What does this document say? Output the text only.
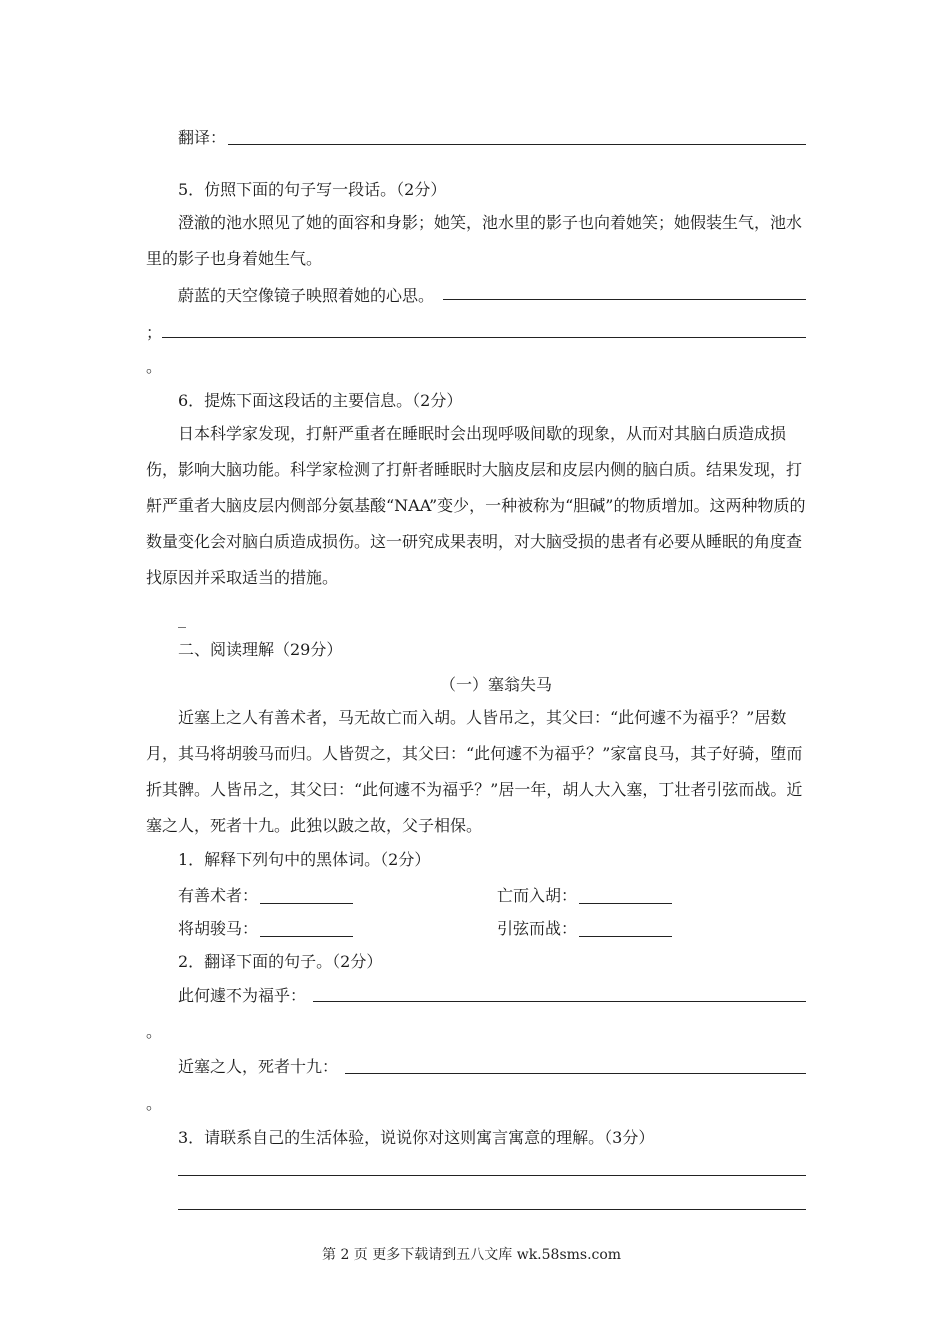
翻译：
5．仿照下面的句子写一段话。（2分）
澄澈的池水照见了她的面容和身影；她笑，池水里的影子也向着她笑；她假装生气，池水里的影子也身着她生气。
蔚蓝的天空像镜子映照着她的心思。
；
。
6．提炼下面这段话的主要信息。（2分）
日本科学家发现，打鼾严重者在睡眠时会出现呼吸间歇的现象，从而对其脑白质造成损伤，影响大脑功能。科学家检测了打鼾者睡眠时大脑皮层和皮层内侧的脑白质。结果发现，打鼾严重者大脑皮层内侧部分氨基酸“NAA”变少，一种被称为“胆碱”的物质增加。这两种物质的数量变化会对脑白质造成损伤。这一研究成果表明，对大脑受损的患者有必要从睡眠的角度查找原因并采取适当的措施。
_
二、阅读理解（29分）
（一）塞翁失马
近塞上之人有善术者，马无故亡而入胡。人皆吊之，其父曰：“此何遽不为福乎？”居数月，其马将胡骏马而归。人皆贺之，其父曰：“此何遽不为福乎？”家富良马，其子好骑，堕而折其髀。人皆吊之，其父曰：“此何遽不为福乎？”居一年，胡人大入塞，丁壮者引弦而战。近塞之人，死者十九。此独以跛之故，父子相保。
1．解释下列句中的黑体词。（2分）
有善术者：	亡而入胡：
将胡骏马：	引弦而战：
2．翻译下面的句子。（2分）
此何遽不为福乎：
。
近塞之人，死者十九：
。
3．请联系自己的生活体验，说说你对这则寓言寓意的理解。（3分）
第 2 页 更多下载请到五八文库 wk.58sms.com
